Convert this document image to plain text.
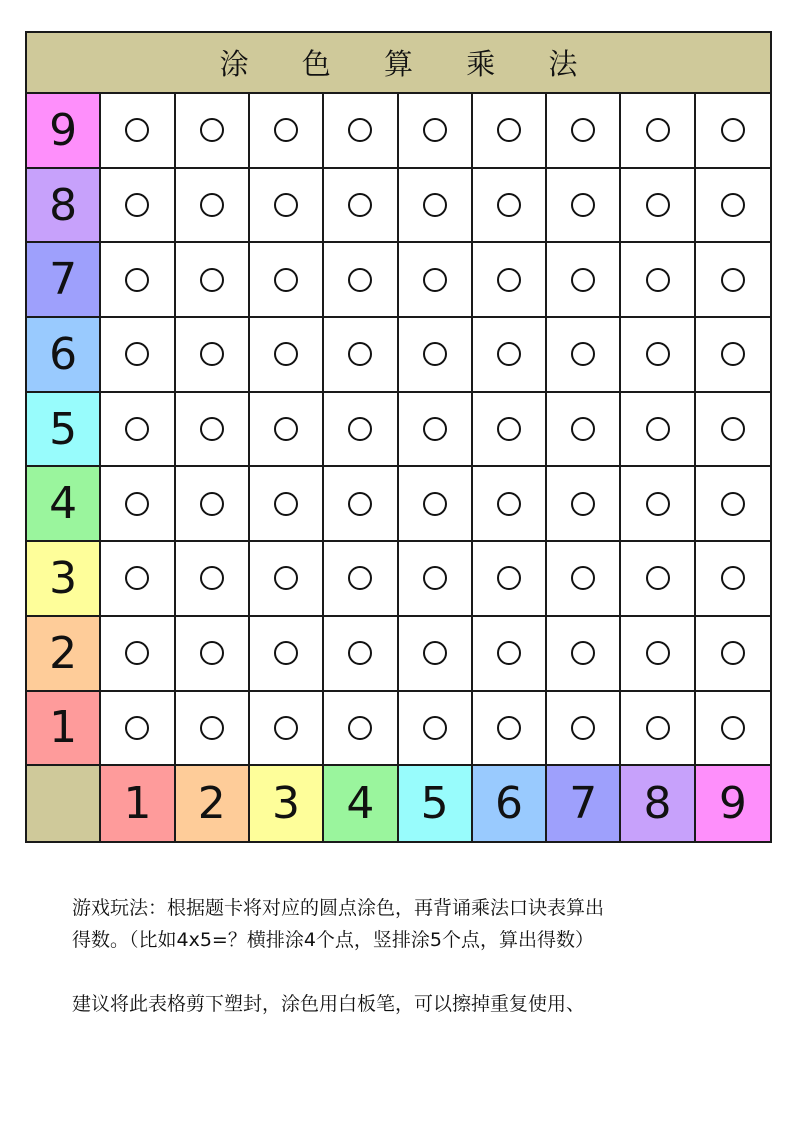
涂 色 算 乘 法
9
8
7
6
5
4
3
2
1
1 2 3 4 5 6 7 8 9

游戏玩法：根据题卡将对应的圆点涂色，再背诵乘法口诀表算出

得数。（比如4x5=？横排涂4个点，竖排涂5个点，算出得数）

建议将此表格剪下塑封，涂色用白板笔，可以擦掉重复使用、
